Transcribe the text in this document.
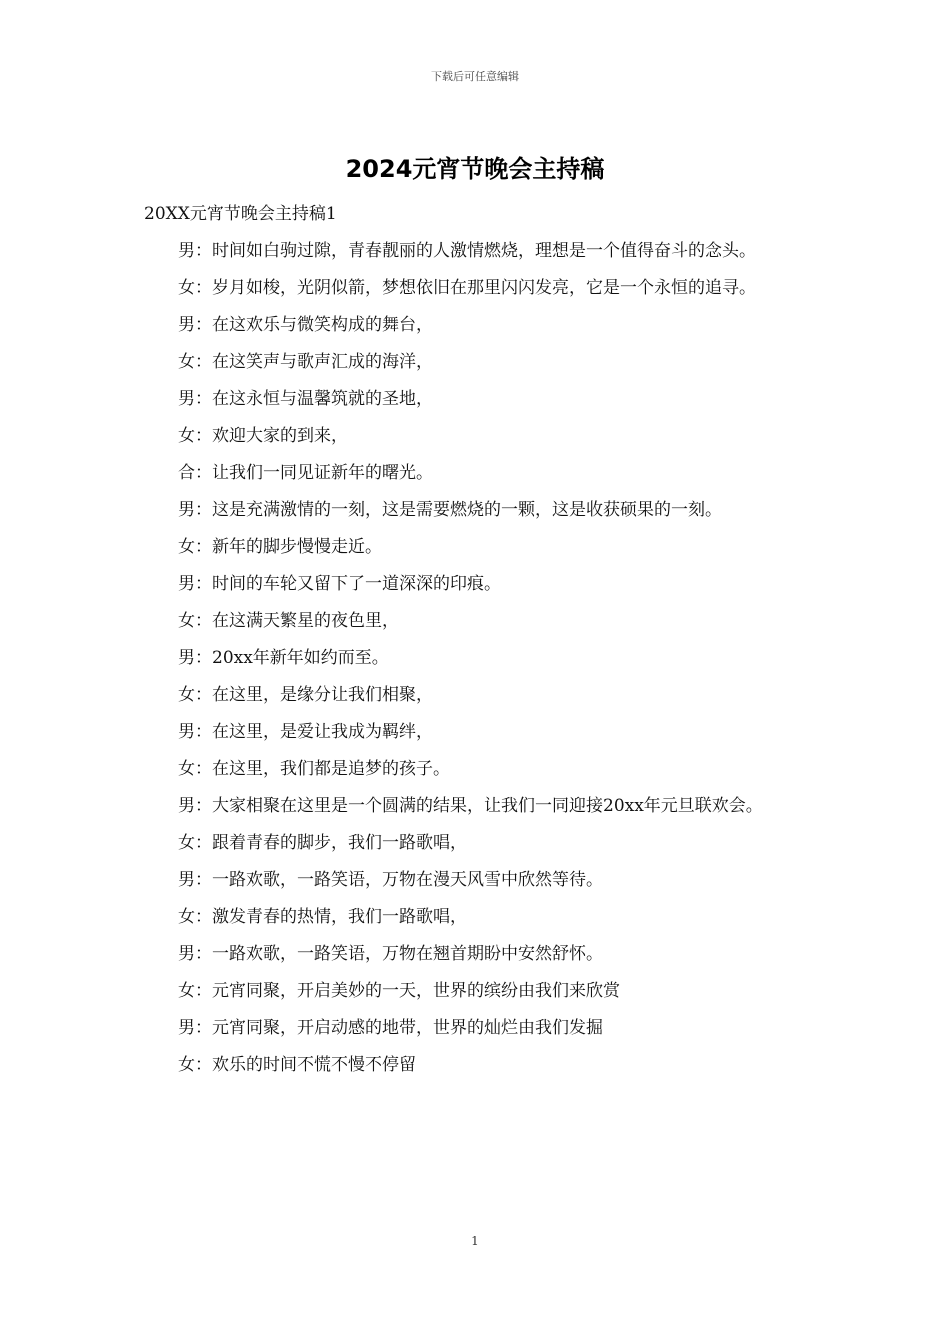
下载后可任意编辑
2024元宵节晚会主持稿

20XX元宵节晚会主持稿1

男：时间如白驹过隙，青春靓丽的人激情燃烧，理想是一个值得奋斗的念头。

女：岁月如梭，光阴似箭，梦想依旧在那里闪闪发亮，它是一个永恒的追寻。

男：在这欢乐与微笑构成的舞台，

女：在这笑声与歌声汇成的海洋，

男：在这永恒与温馨筑就的圣地，

女：欢迎大家的到来，

合：让我们一同见证新年的曙光。

男：这是充满激情的一刻，这是需要燃烧的一颗，这是收获硕果的一刻。

女：新年的脚步慢慢走近。

男：时间的车轮又留下了一道深深的印痕。

女：在这满天繁星的夜色里，

男：20xx年新年如约而至。

女：在这里，是缘分让我们相聚，

男：在这里，是爱让我成为羁绊，

女：在这里，我们都是追梦的孩子。

男：大家相聚在这里是一个圆满的结果，让我们一同迎接20xx年元旦联欢会。

女：跟着青春的脚步，我们一路歌唱，

男：一路欢歌，一路笑语，万物在漫天风雪中欣然等待。

女：激发青春的热情，我们一路歌唱，

男：一路欢歌，一路笑语，万物在翘首期盼中安然舒怀。

女：元宵同聚，开启美妙的一天，世界的缤纷由我们来欣赏

男：元宵同聚，开启动感的地带，世界的灿烂由我们发掘

女：欢乐的时间不慌不慢不停留

1
